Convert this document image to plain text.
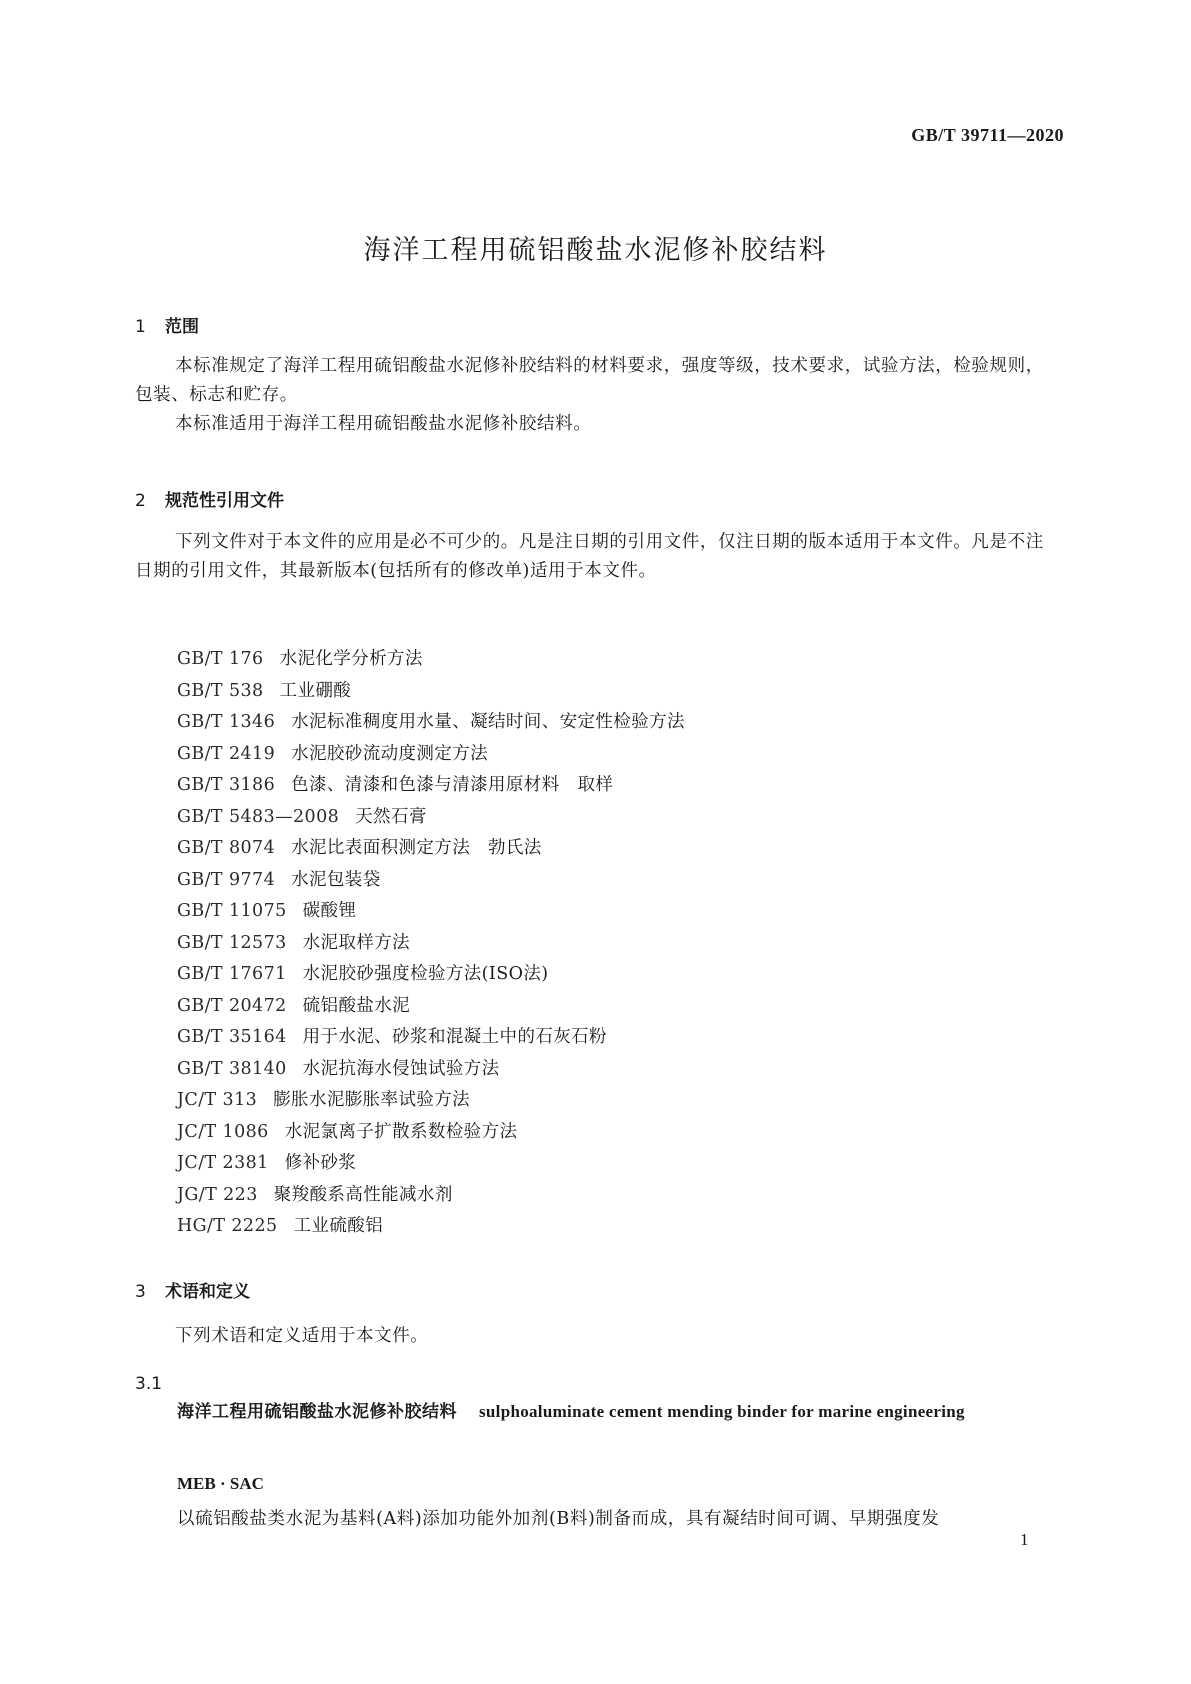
GB/T 39711—2020
海洋工程用硫铝酸盐水泥修补胶结料
1 范围

本标准规定了海洋工程用硫铝酸盐水泥修补胶结料的材料要求，强度等级，技术要求，试验方法，检验规则，包装、标志和贮存。

本标准适用于海洋工程用硫铝酸盐水泥修补胶结料。

2 规范性引用文件

下列文件对于本文件的应用是必不可少的。凡是注日期的引用文件，仅注日期的版本适用于本文件。凡是不注日期的引用文件，其最新版本(包括所有的修改单)适用于本文件。

GB/T 176 水泥化学分析方法
GB/T 538 工业硼酸
GB/T 1346 水泥标准稠度用水量、凝结时间、安定性检验方法
GB/T 2419 水泥胶砂流动度测定方法
GB/T 3186 色漆、清漆和色漆与清漆用原材料　取样
GB/T 5483—2008 天然石膏
GB/T 8074 水泥比表面积测定方法　勃氏法
GB/T 9774 水泥包装袋
GB/T 11075 碳酸锂
GB/T 12573 水泥取样方法
GB/T 17671 水泥胶砂强度检验方法(ISO法)
GB/T 20472 硫铝酸盐水泥
GB/T 35164 用于水泥、砂浆和混凝土中的石灰石粉
GB/T 38140 水泥抗海水侵蚀试验方法
JC/T 313 膨胀水泥膨胀率试验方法
JC/T 1086 水泥氯离子扩散系数检验方法
JC/T 2381 修补砂浆
JG/T 223 聚羧酸系高性能减水剂
HG/T 2225 工业硫酸铝
3 术语和定义

下列术语和定义适用于本文件。

3.1
海洋工程用硫铝酸盐水泥修补胶结料 sulphoaluminate cement mending binder for marine engineering
MEB · SAC
以硫铝酸盐类水泥为基料(A料)添加功能外加剂(B料)制备而成，具有凝结时间可调、早期强度发
1
